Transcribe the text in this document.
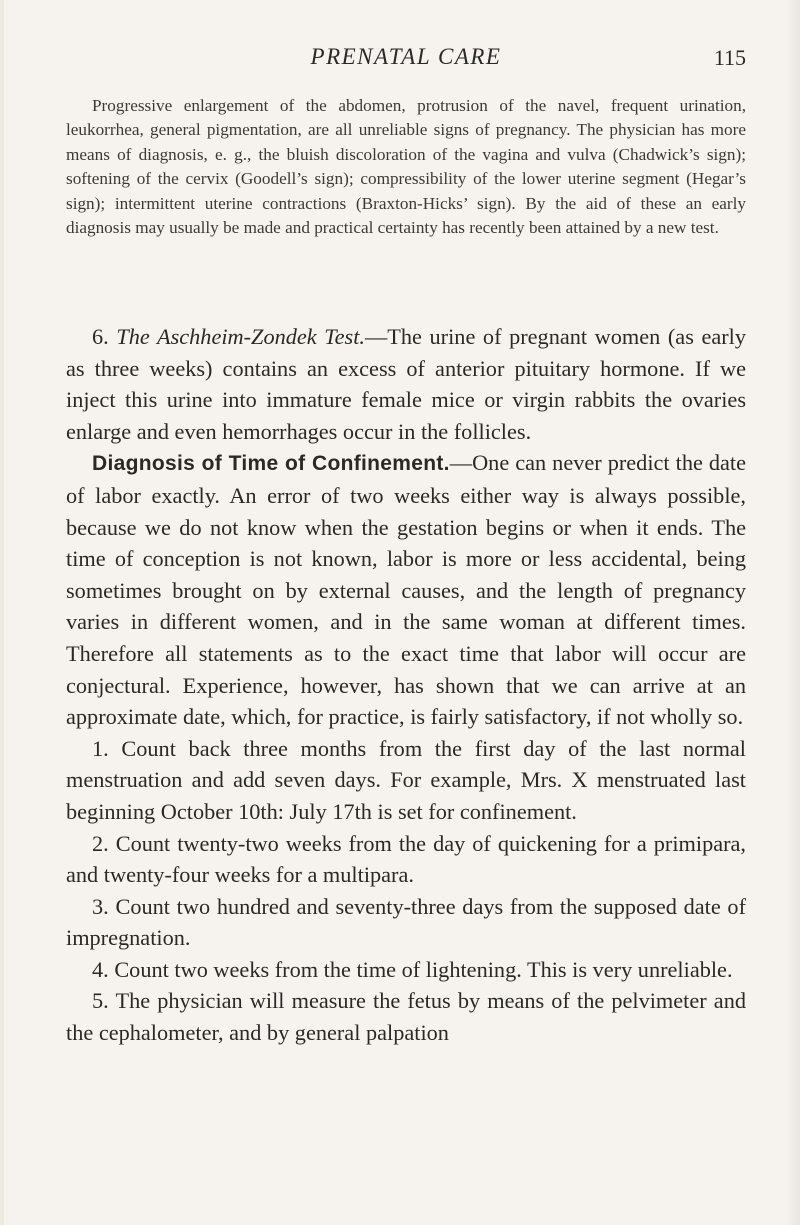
PRENATAL CARE	115

Progressive enlargement of the abdomen, protrusion of the navel, frequent urination, leukorrhea, general pigmentation, are all unreliable signs of pregnancy. The physician has more means of diagnosis, e. g., the bluish discoloration of the vagina and vulva (Chadwick’s sign); softening of the cervix (Goodell’s sign); compressibility of the lower uterine segment (Hegar’s sign); intermittent uterine contractions (Braxton-Hicks’ sign). By the aid of these an early diagnosis may usually be made and practical certainty has recently been attained by a new test.

6. The Aschheim-Zondek Test.—The urine of pregnant women (as early as three weeks) contains an excess of anterior pituitary hormone. If we inject this urine into immature female mice or virgin rabbits the ovaries enlarge and even hemorrhages occur in the follicles.

Diagnosis of Time of Confinement.—One can never predict the date of labor exactly. An error of two weeks either way is always possible, because we do not know when the gestation begins or when it ends. The time of conception is not known, labor is more or less accidental, being sometimes brought on by external causes, and the length of pregnancy varies in different women, and in the same woman at different times. Therefore all statements as to the exact time that labor will occur are conjectural. Experience, however, has shown that we can arrive at an approximate date, which, for practice, is fairly satisfactory, if not wholly so.

1. Count back three months from the first day of the last normal menstruation and add seven days. For example, Mrs. X menstruated last beginning October 10th: July 17th is set for confinement.

2. Count twenty-two weeks from the day of quickening for a primipara, and twenty-four weeks for a multipara.

3. Count two hundred and seventy-three days from the supposed date of impregnation.

4. Count two weeks from the time of lightening. This is very unreliable.

5. The physician will measure the fetus by means of the pelvimeter and the cephalometer, and by general palpation
